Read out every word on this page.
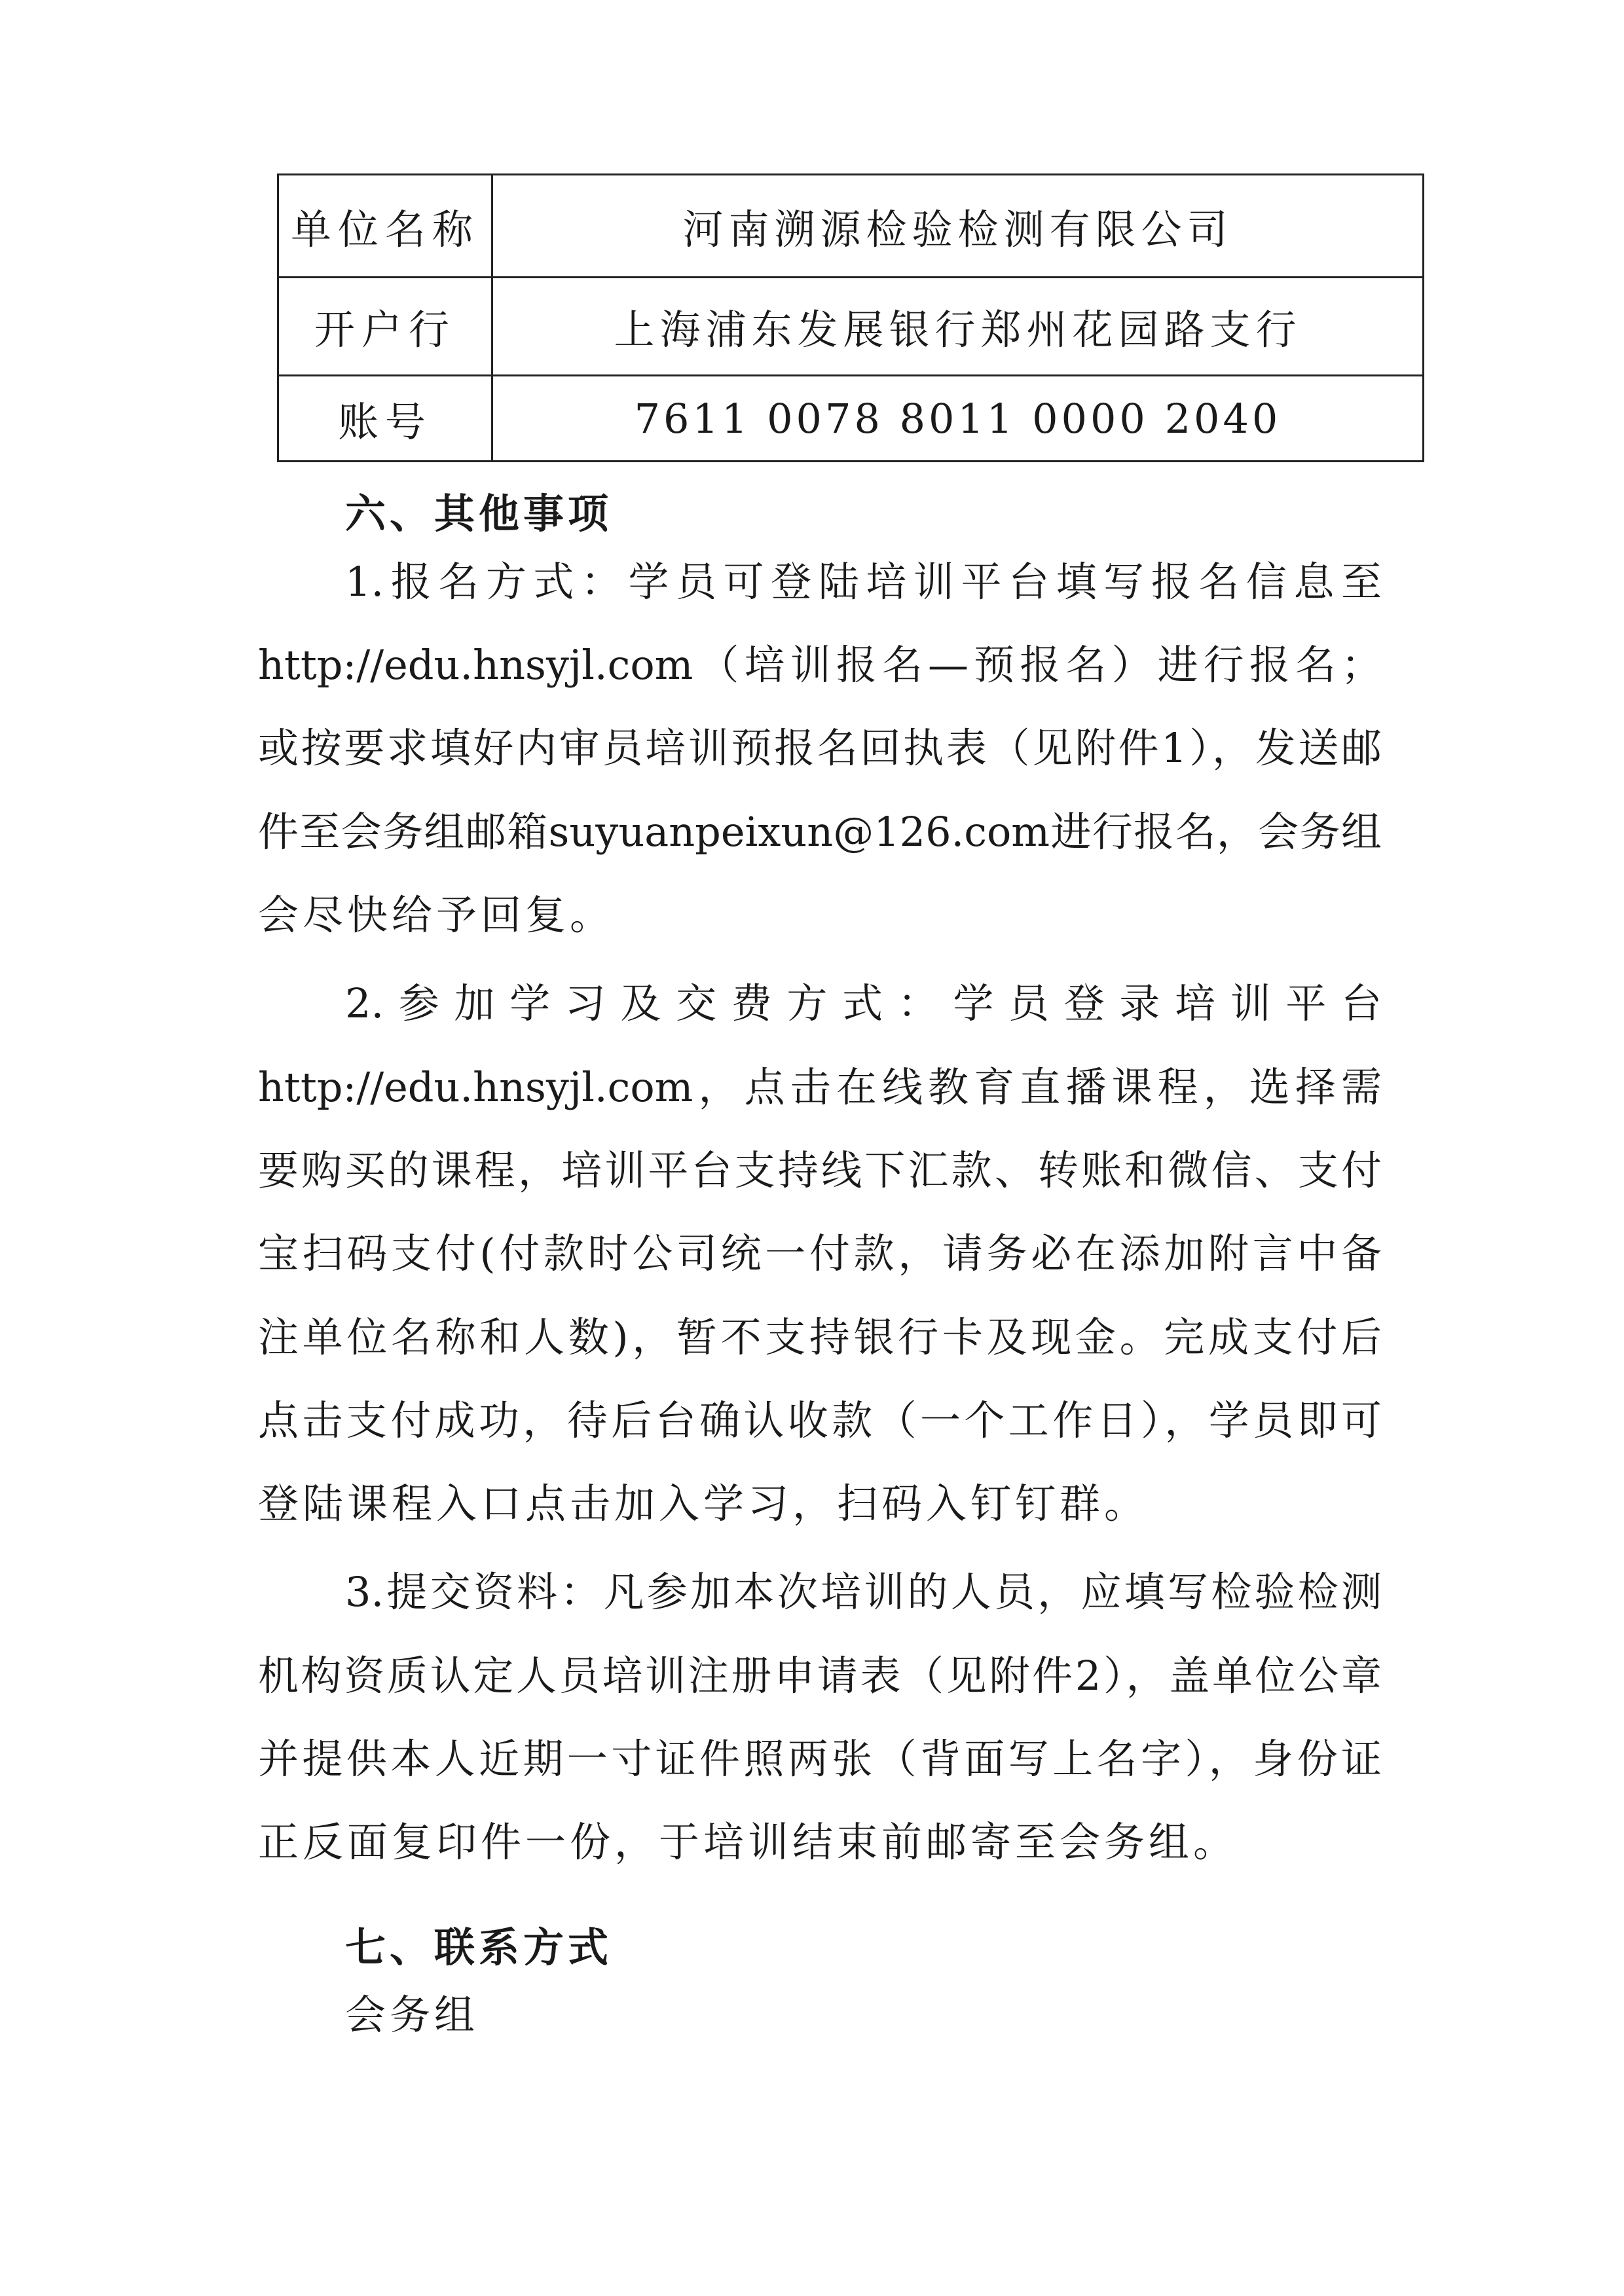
单位名称	河南溯源检验检测有限公司
开户行	上海浦东发展银行郑州花园路支行
账号	7611 0078 8011 0000 2040
六、其他事项
1.报名方式：学员可登陆培训平台填写报名信息至
http://edu.hnsyjl.com（培训报名—预报名）进行报名；
或按要求填好内审员培训预报名回执表（见附件1），发送邮
件至会务组邮箱suyuanpeixun@126.com进行报名，会务组
会尽快给予回复。
2.参加学习及交费方式：学员登录培训平台
http://edu.hnsyjl.com，点击在线教育直播课程，选择需
要购买的课程，培训平台支持线下汇款、转账和微信、支付
宝扫码支付(付款时公司统一付款，请务必在添加附言中备
注单位名称和人数)，暂不支持银行卡及现金。完成支付后
点击支付成功，待后台确认收款（一个工作日），学员即可
登陆课程入口点击加入学习，扫码入钉钉群。
3.提交资料：凡参加本次培训的人员，应填写检验检测
机构资质认定人员培训注册申请表（见附件2），盖单位公章
并提供本人近期一寸证件照两张（背面写上名字），身份证
正反面复印件一份，于培训结束前邮寄至会务组。
七、联系方式
会务组
